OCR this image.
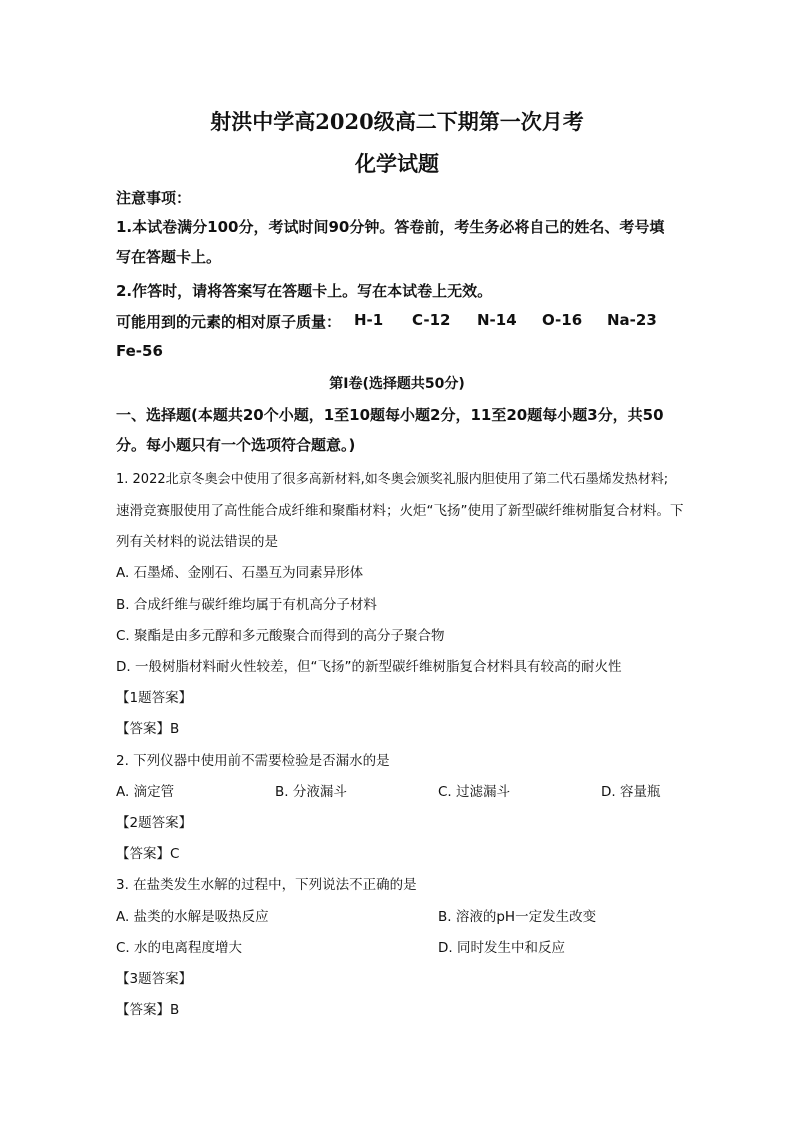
射洪中学高2020级高二下期第一次月考
化学试题
注意事项：
1.本试卷满分100分，考试时间90分钟。答卷前，考生务必将自己的姓名、考号填
写在答题卡上。
2.作答时，请将答案写在答题卡上。写在本试卷上无效。
可能用到的元素的相对原子质量： H-1 C-12 N-14 O-16 Na-23
Fe-56
第Ⅰ卷(选择题共50分)
一、选择题(本题共20个小题，1至10题每小题2分，11至20题每小题3分，共50
分。每小题只有一个选项符合题意。)
1. 2022北京冬奥会中使用了很多高新材料,如冬奥会颁奖礼服内胆使用了第二代石墨烯发热材料;
速滑竞赛服使用了高性能合成纤维和聚酯材料；火炬“飞扬”使用了新型碳纤维树脂复合材料。下
列有关材料的说法错误的是
A. 石墨烯、金刚石、石墨互为同素异形体
B. 合成纤维与碳纤维均属于有机高分子材料
C. 聚酯是由多元醇和多元酸聚合而得到的高分子聚合物
D. 一般树脂材料耐火性较差，但“飞扬”的新型碳纤维树脂复合材料具有较高的耐火性
【1题答案】
【答案】B
2. 下列仪器中使用前不需要检验是否漏水的是
A. 滴定管	B. 分液漏斗	C. 过滤漏斗	D. 容量瓶
【2题答案】
【答案】C
3. 在盐类发生水解的过程中，下列说法不正确的是
A. 盐类的水解是吸热反应	B. 溶液的pH一定发生改变
C. 水的电离程度增大	D. 同时发生中和反应
【3题答案】
【答案】B
